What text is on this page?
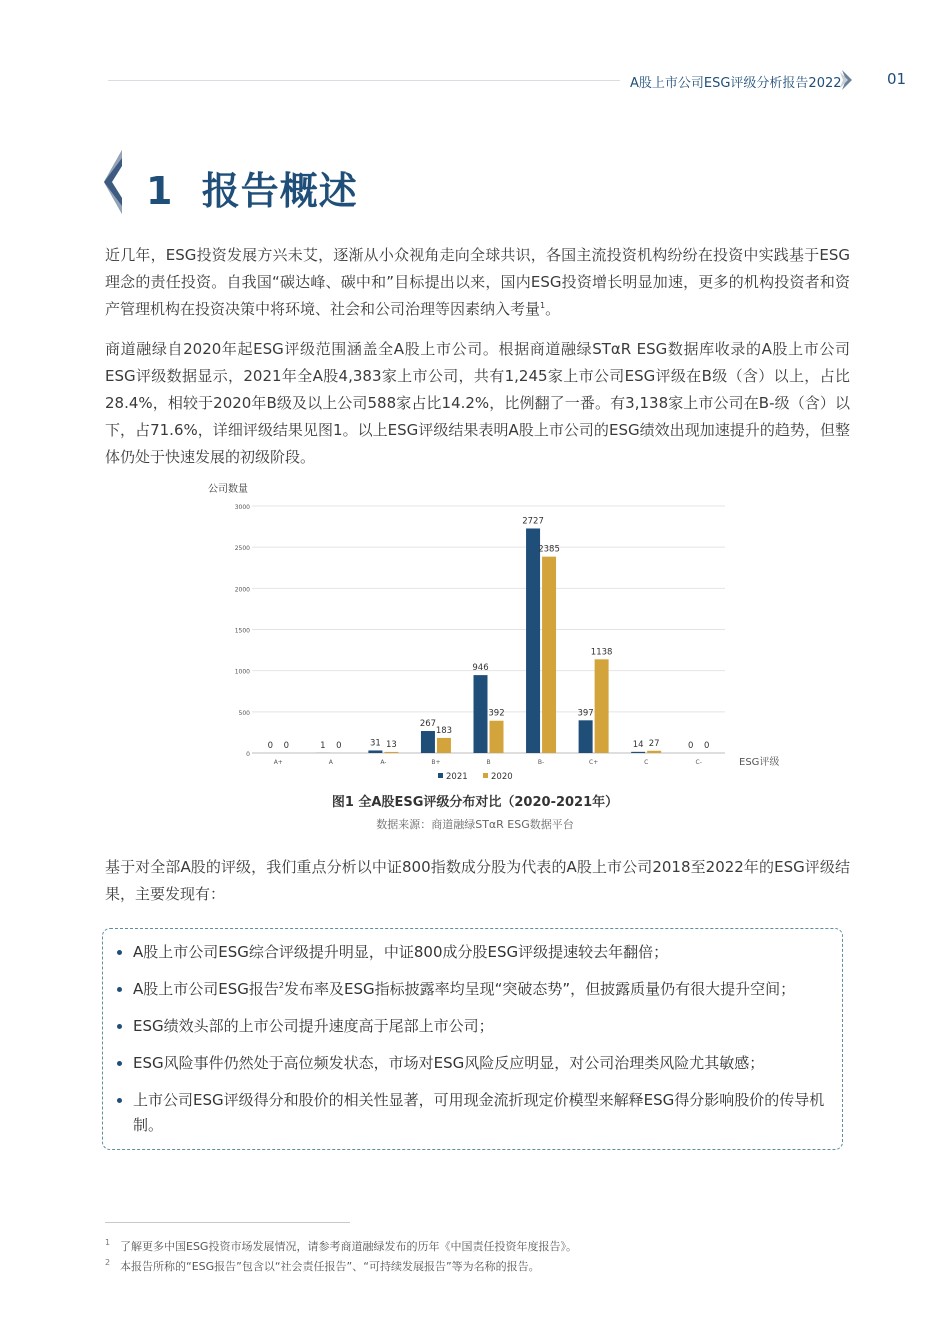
A股上市公司ESG评级分析报告2022	01
1 报告概述

近几年，ESG投资发展方兴未艾，逐渐从小众视角走向全球共识，各国主流投资机构纷纷在投资中实践基于ESG理念的责任投资。自我国“碳达峰、碳中和”目标提出以来，国内ESG投资增长明显加速，更多的机构投资者和资产管理机构在投资决策中将环境、社会和公司治理等因素纳入考量$^1$。

商道融绿自2020年起ESG评级范围涵盖全A股上市公司。根据商道融绿STαR ESG数据库收录的A股上市公司ESG评级数据显示，2021年全A股4,383家上市公司，共有1,245家上市公司ESG评级在B级（含）以上，占比28.4%，相较于2020年B级及以上公司588家占比14.2%，比例翻了一番。有3,138家上市公司在B-级（含）以下，占71.6%，详细评级结果见图1。以上ESG评级结果表明A股上市公司的ESG绩效出现加速提升的趋势，但整体仍处于快速发展的初级阶段。

公司数量
0
500
1000
1500
2000
2500
3000
0 0
A+
1 0
A
31 13
A-
267
183
B+
946
392
B
2727
2385
B-
397
1138
C+
14 27
C
0 0
C-	ESG评级
2021	2020
图1 全A股ESG评级分布对比（2020-2021年）
数据来源：商道融绿STαR ESG数据平台

基于对全部A股的评级，我们重点分析以中证800指数成分股为代表的A股上市公司2018至2022年的ESG评级结果，主要发现有：

A股上市公司ESG综合评级提升明显，中证800成分股ESG评级提速较去年翻倍；
A股上市公司ESG报告$^2$发布率及ESG指标披露率均呈现“突破态势”，但披露质量仍有很大提升空间；
ESG绩效头部的上市公司提升速度高于尾部上市公司；
ESG风险事件仍然处于高位频发状态，市场对ESG风险反应明显，对公司治理类风险尤其敏感；
上市公司ESG评级得分和股价的相关性显著，可用现金流折现定价模型来解释ESG得分影响股价的传导机制。
1 了解更多中国ESG投资市场发展情况，请参考商道融绿发布的历年《中国责任投资年度报告》。
2 本报告所称的“ESG报告”包含以“社会责任报告”、“可持续发展报告”等为名称的报告。
